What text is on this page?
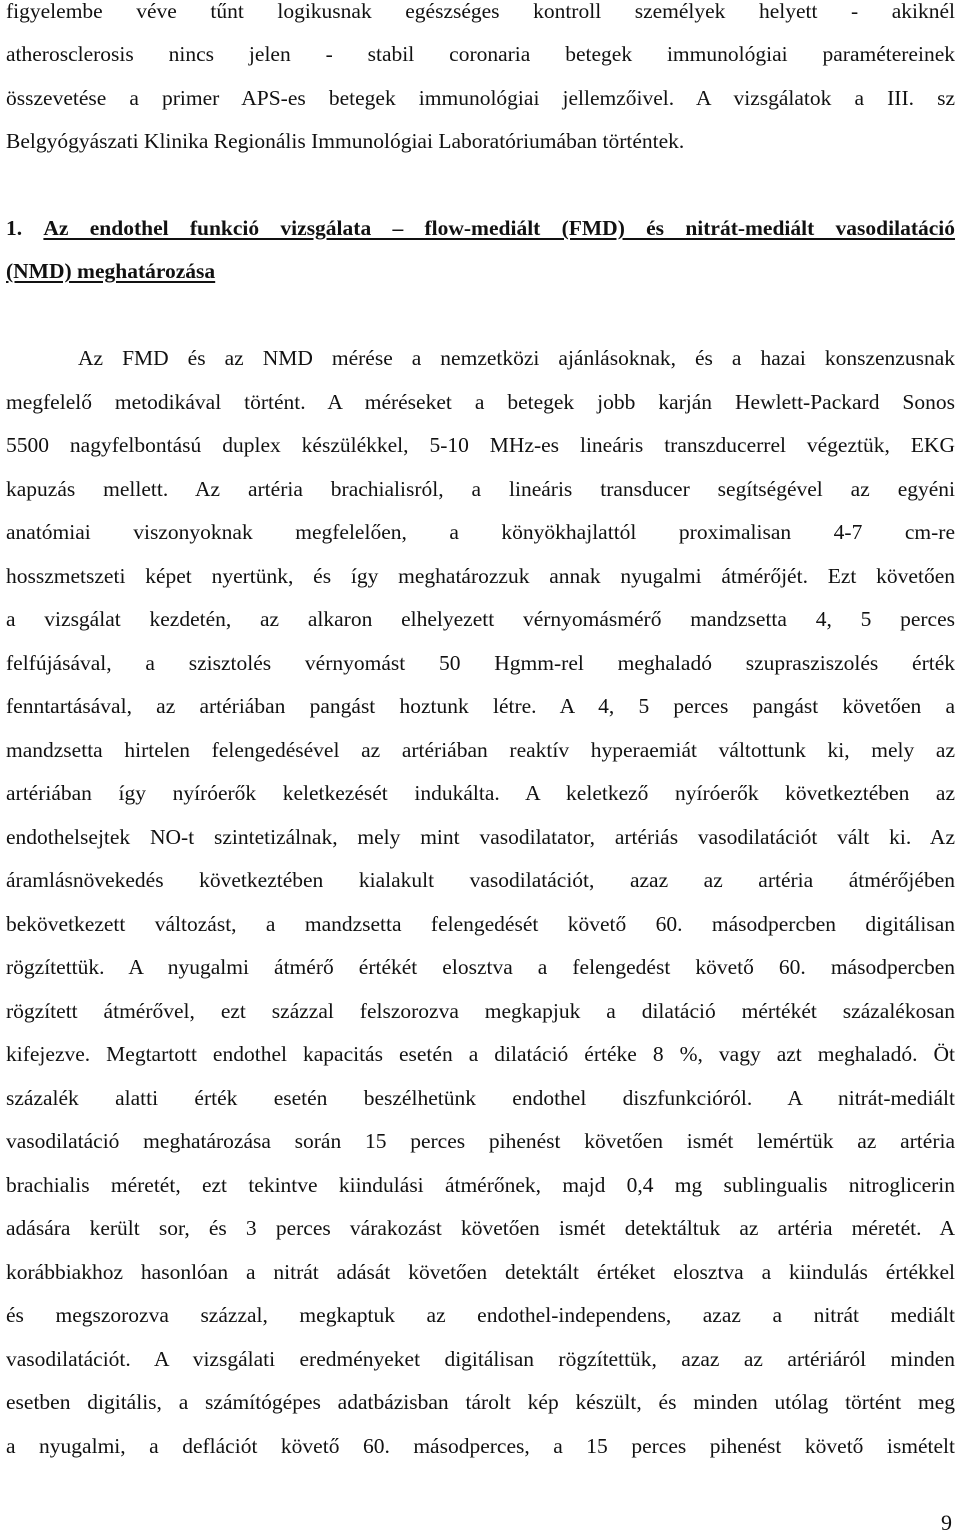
figyelembe véve tűnt logikusnak egészséges kontroll személyek helyett - akiknél
atherosclerosis nincs jelen - stabil coronaria betegek immunológiai paramétereinek
összevetése a primer APS-es betegek immunológiai jellemzőivel. A vizsgálatok a III. sz
Belgyógyászati Klinika Regionális Immunológiai Laboratóriumában történtek.
1. Az endothel funkció vizsgálata – flow-mediált (FMD) és nitrát-mediált vasodilatáció
(NMD) meghatározása
Az FMD és az NMD mérése a nemzetközi ajánlásoknak, és a hazai konszenzusnak
megfelelő metodikával történt. A méréseket a betegek jobb karján Hewlett-Packard Sonos
5500 nagyfelbontású duplex készülékkel, 5-10 MHz-es lineáris transzducerrel végeztük, EKG
kapuzás mellett. Az artéria brachialisról, a lineáris transducer segítségével az egyéni
anatómiai viszonyoknak megfelelően, a könyökhajlattól proximalisan 4-7 cm-re
hosszmetszeti képet nyertünk, és így meghatározzuk annak nyugalmi átmérőjét. Ezt követően
a vizsgálat kezdetén, az alkaron elhelyezett vérnyomásmérő mandzsetta 4, 5 perces
felfújásával, a szisztolés vérnyomást 50 Hgmm-rel meghaladó szuprasziszolés érték
fenntartásával, az artériában pangást hoztunk létre. A 4, 5 perces pangást követően a
mandzsetta hirtelen felengedésével az artériában reaktív hyperaemiát váltottunk ki, mely az
artériában így nyíróerők keletkezését indukálta. A keletkező nyíróerők következtében az
endothelsejtek NO-t szintetizálnak, mely mint vasodilatator, artériás vasodilatációt vált ki. Az
áramlásnövekedés következtében kialakult vasodilatációt, azaz az artéria átmérőjében
bekövetkezett változást, a mandzsetta felengedését követő 60. másodpercben digitálisan
rögzítettük. A nyugalmi átmérő értékét elosztva a felengedést követő 60. másodpercben
rögzített átmérővel, ezt százzal felszorozva megkapjuk a dilatáció mértékét százalékosan
kifejezve. Megtartott endothel kapacitás esetén a dilatáció értéke 8 %, vagy azt meghaladó. Öt
százalék alatti érték esetén beszélhetünk endothel diszfunkcióról. A nitrát-mediált
vasodilatáció meghatározása során 15 perces pihenést követően ismét lemértük az artéria
brachialis méretét, ezt tekintve kiindulási átmérőnek, majd 0,4 mg sublingualis nitroglicerin
adására került sor, és 3 perces várakozást követően ismét detektáltuk az artéria méretét. A
korábbiakhoz hasonlóan a nitrát adását követően detektált értéket elosztva a kiindulás értékkel
és megszorozva százzal, megkaptuk az endothel-independens, azaz a nitrát mediált
vasodilatációt. A vizsgálati eredményeket digitálisan rögzítettük, azaz az artériáról minden
esetben digitális, a számítógépes adatbázisban tárolt kép készült, és minden utólag történt meg
a nyugalmi, a deflációt követő 60. másodperces, a 15 perces pihenést követő ismételt
9
